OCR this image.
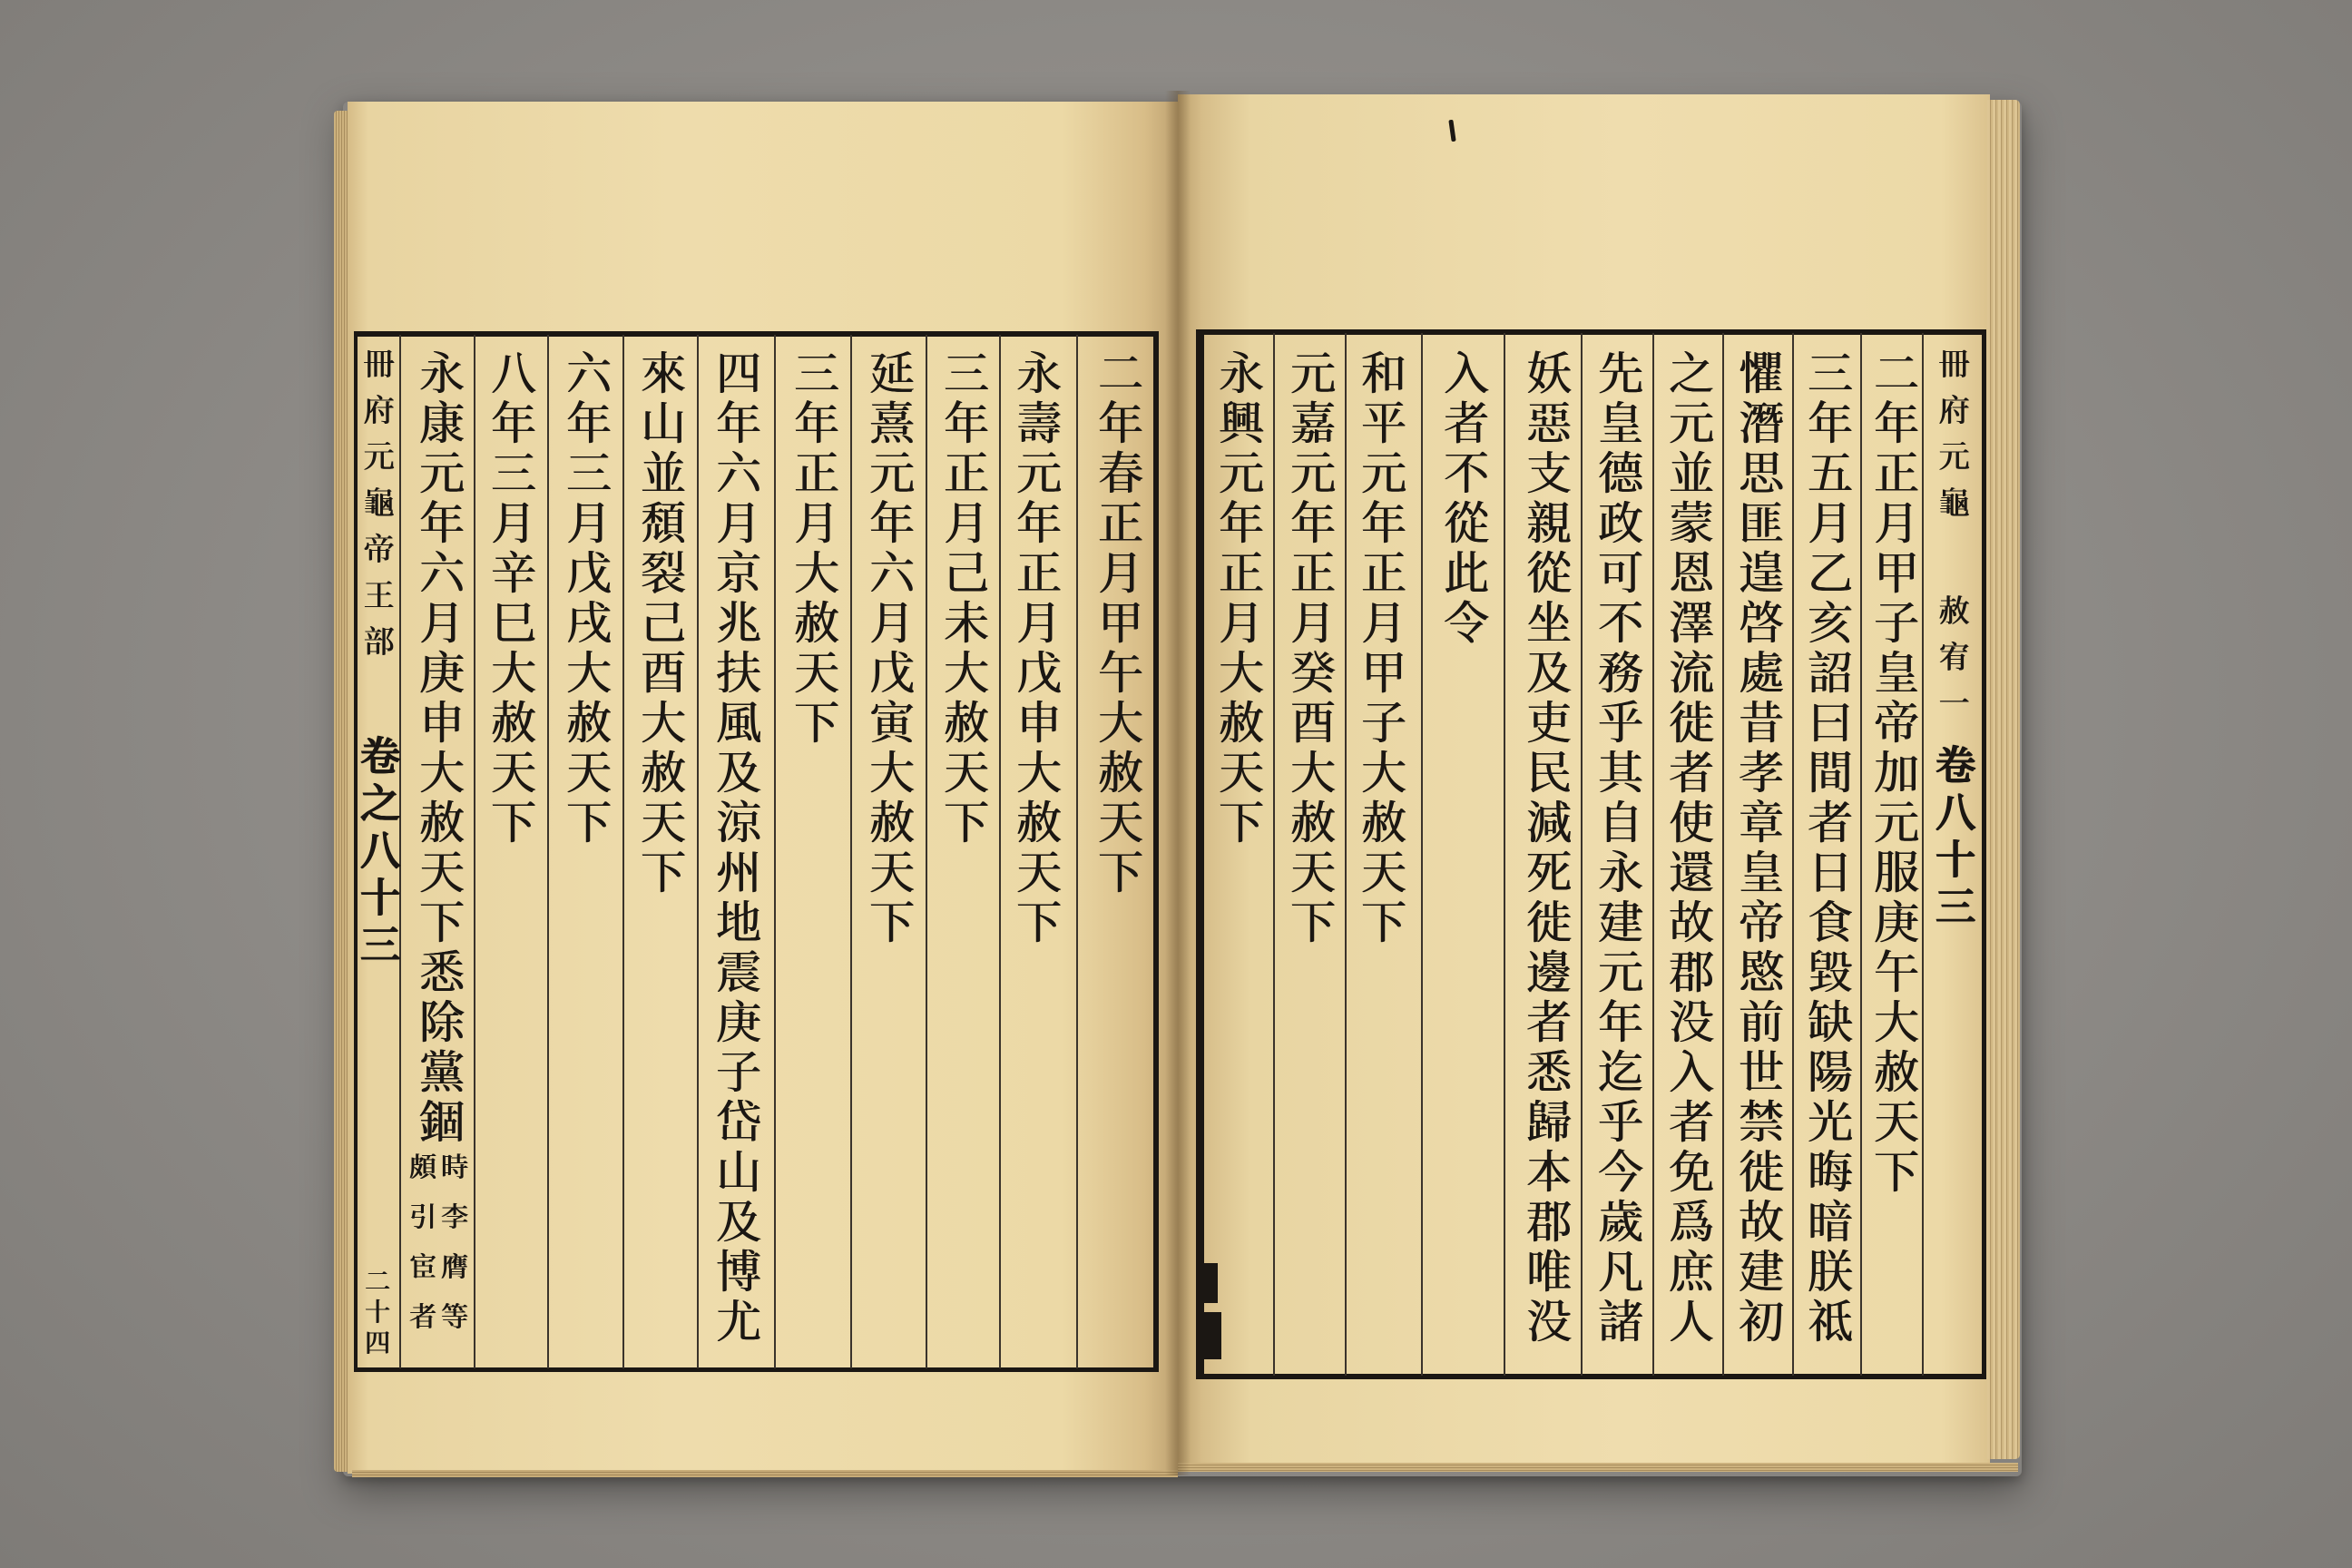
二年春正月甲午大赦天下
永壽元年正月戊申大赦天下
三年正月己未大赦天下
延熹元年六月戊寅大赦天下
三年正月大赦天下
四年六月京兆扶風及涼州地震庚子岱山及博尤
來山並頹裂己酉大赦天下
六年三月戊戌大赦天下
八年三月辛巳大赦天下
永康元年六月庚申大赦天下悉除黨錮
時李膺等
頗引宦者
冊府元龜帝王部
卷之八十三
二十四
二年正月甲子皇帝加元服庚午大赦天下
三年五月乙亥詔曰間者日食毀缺陽光晦暗朕祗
懼潛思匪遑啓處昔孝章皇帝愍前世禁徙故建初
之元並蒙恩澤流徙者使還故郡没入者免爲庶人
先皇德政可不務乎其自永建元年迄乎今歲凡諸
妖惡支親從坐及吏民減死徙邊者悉歸本郡唯没
入者不從此令
和平元年正月甲子大赦天下
元嘉元年正月癸酉大赦天下
永興元年正月大赦天下	冊府元龜
赦宥一
卷八十三
